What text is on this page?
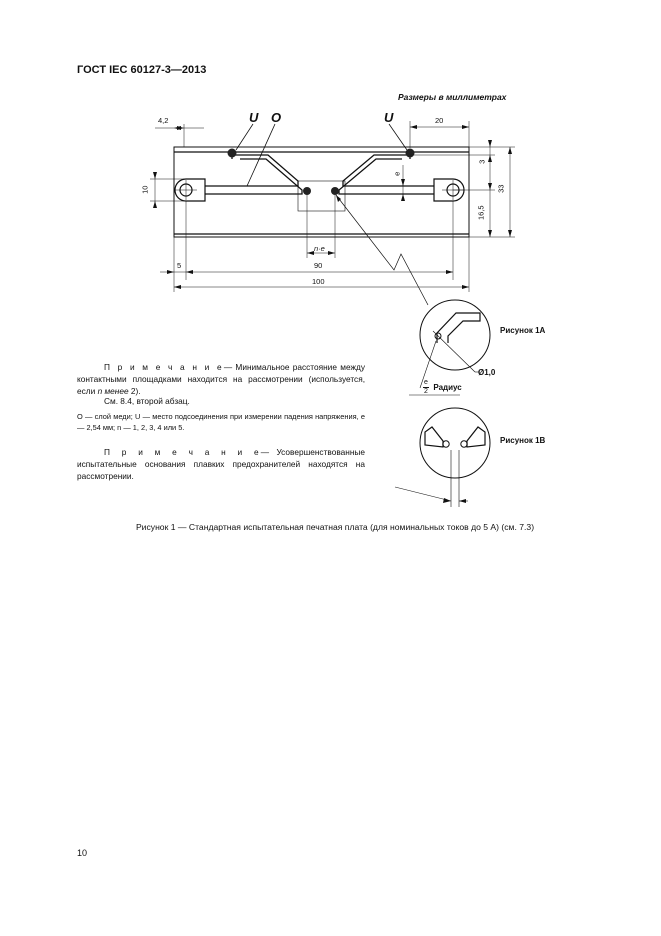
ГОСТ IEC 60127-3—2013
Размеры в миллиметрах
U O	U
4,2	20
10
3
e
33
16,5
n·e
5	90
100
Рисунок 1А
Ø1,0
$\frac{e}{2}$ Радиус
Рисунок 1В
П р и м е ч а н и е— Минимальное расстояние между контактными площадками находится на рассмотрении (используется, если n менее 2).
См. 8.4, второй абзац.
O — слой меди; U — место подсоединения при измерении падения напряжения, e — 2,54 мм; n — 1, 2, 3, 4 или 5.
П р и м е ч а н и е— Усовершенствованные испытательные основания плавких предохранителей находятся на рассмотрении.
Рисунок 1 — Стандартная испытательная печатная плата (для номинальных токов до 5 А) (см. 7.3)
10
